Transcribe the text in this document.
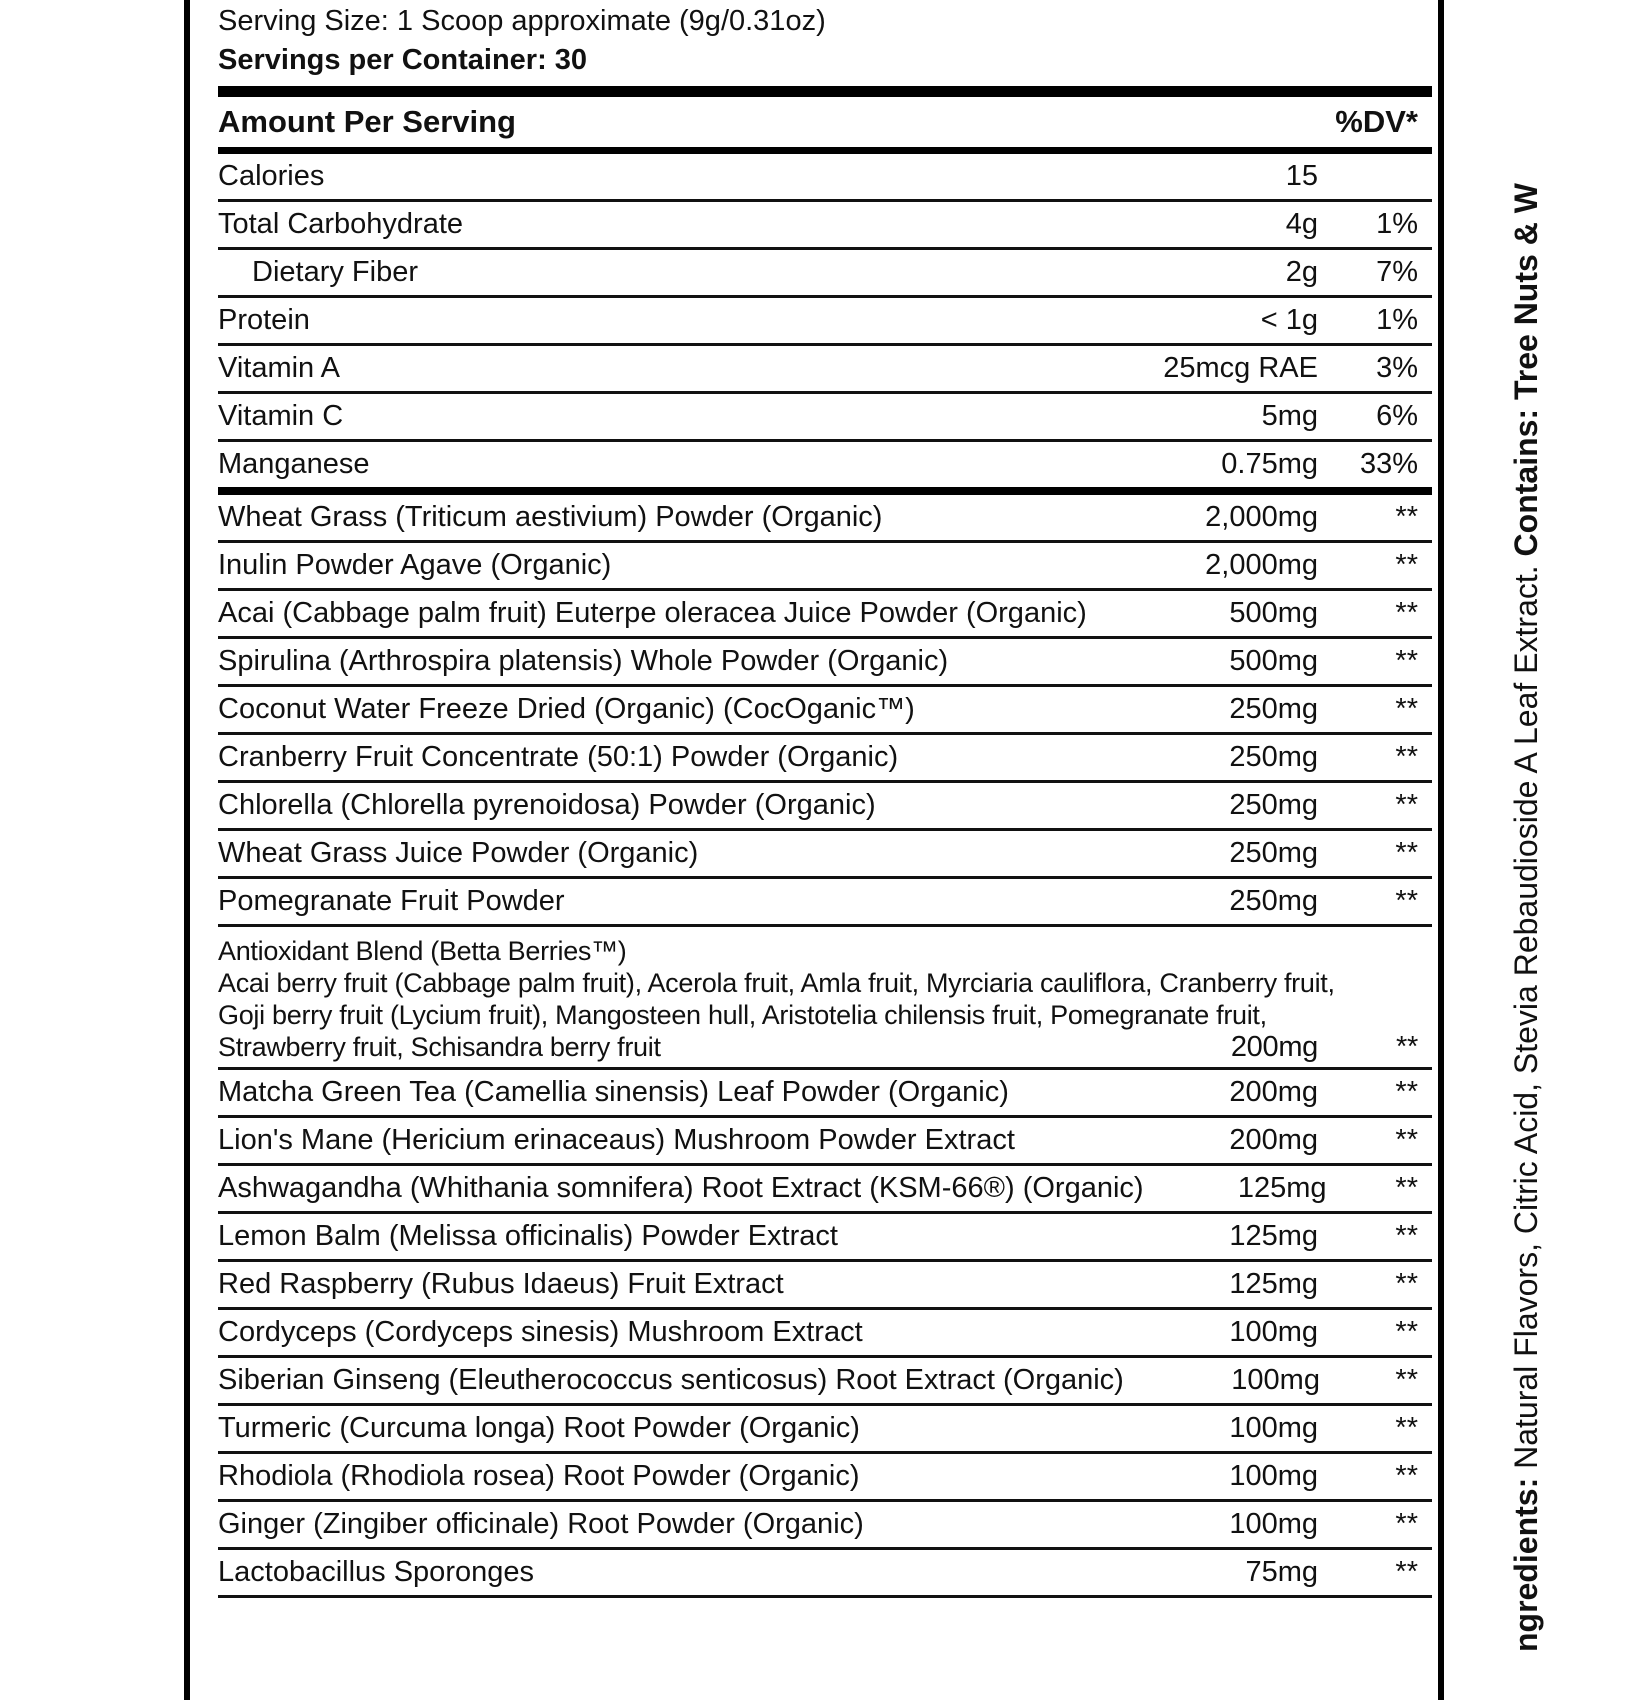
Serving Size: 1 Scoop approximate (9g/0.31oz)
Servings per Container: 30
Amount Per Serving	%DV*
Calories	15
Total Carbohydrate	4g	1%
Dietary Fiber	2g	7%
Protein	< 1g	1%
Vitamin A	25mcg RAE	3%
Vitamin C	5mg	6%
Manganese	0.75mg	33%
Wheat Grass (Triticum aestivium) Powder (Organic)	2,000mg	**
Inulin Powder Agave (Organic)	2,000mg	**
Acai (Cabbage palm fruit) Euterpe oleracea Juice Powder (Organic)	500mg	**
Spirulina (Arthrospira platensis) Whole Powder (Organic)	500mg	**
Coconut Water Freeze Dried (Organic) (CocOganic™)	250mg	**
Cranberry Fruit Concentrate (50:1) Powder (Organic)	250mg	**
Chlorella (Chlorella pyrenoidosa) Powder (Organic)	250mg	**
Wheat Grass Juice Powder (Organic)	250mg	**
Pomegranate Fruit Powder	250mg	**
Antioxidant Blend (Betta Berries™)
Acai berry fruit (Cabbage palm fruit), Acerola fruit, Amla fruit, Myrciaria cauliflora, Cranberry fruit,
Goji berry fruit (Lycium fruit), Mangosteen hull, Aristotelia chilensis fruit, Pomegranate fruit,
Strawberry fruit, Schisandra berry fruit	200mg	**
Matcha Green Tea (Camellia sinensis) Leaf Powder (Organic)	200mg	**
Lion's Mane (Hericium erinaceaus) Mushroom Powder Extract	200mg	**
Ashwagandha (Whithania somnifera) Root Extract (KSM-66®) (Organic)	125mg	**
Lemon Balm (Melissa officinalis) Powder Extract	125mg	**
Red Raspberry (Rubus Idaeus) Fruit Extract	125mg	**
Cordyceps (Cordyceps sinesis) Mushroom Extract	100mg	**
Siberian Ginseng (Eleutherococcus senticosus) Root Extract (Organic)	100mg	**
Turmeric (Curcuma longa) Root Powder (Organic)	100mg	**
Rhodiola (Rhodiola rosea) Root Powder (Organic)	100mg	**
Ginger (Zingiber officinale) Root Powder (Organic)	100mg	**
Lactobacillus Sporonges	75mg	**	ngredients: Natural Flavors, Citric Acid, Stevia Rebaudioside A Leaf Extract. Contains: Tree Nuts & W
